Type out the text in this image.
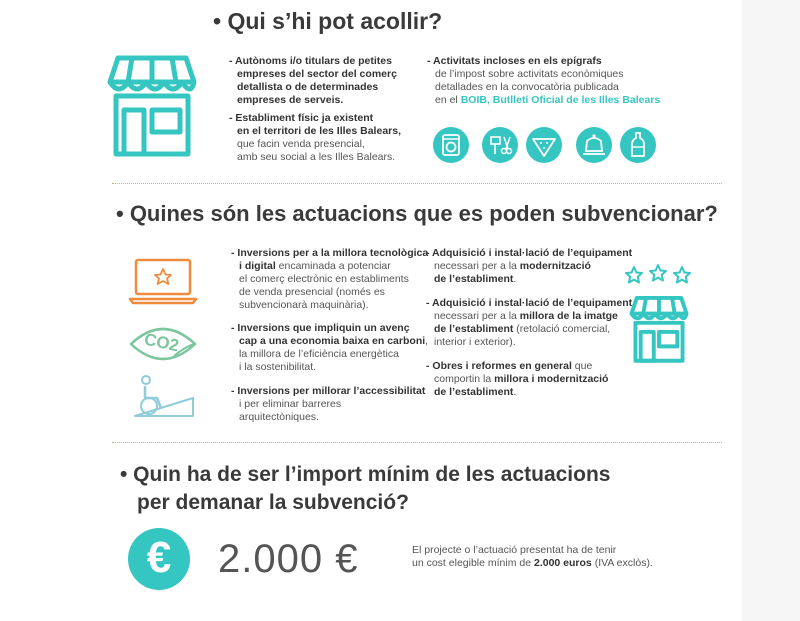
• Qui s’hi pot acollir?
- Autònoms i/o titulars de petites
empreses del sector del comerç
detallista o de determinades
empreses de serveis.
- Establiment físic ja existent
en el territori de les Illes Balears,
que facin venda presencial,
amb seu social a les Illes Balears.
- Activitats incloses en els epígrafs
de l’impost sobre activitats econòmiques
detallades en la convocatòria publicada
en el BOIB, Butlletí Oficial de les Illes Balears
• Quines són les actuacions que es poden subvencionar?
CO2
- Inversions per a la millora tecnològica
i digital encaminada a potenciar
el comerç electrònic en establiments
de venda presencial (només es
subvencionarà maquinària).
- Inversions que impliquin un avenç
cap a una economia baixa en carboni,
la millora de l’eficiència energètica
i la sostenibilitat.
- Inversions per millorar l’accessibilitat
i per eliminar barreres
arquitectòniques.
- Adquisició i instal·lació de l’equipament
necessari per a la modernització
de l’establiment.
- Adquisició i instal·lació de l’equipament
necessari per a la millora de la imatge
de l’establiment (retolació comercial,
interior i exterior).
- Obres i reformes en general que
comportin la millora i modernització
de l’establiment.
• Quin ha de ser l’import mínim de les actuacions
per demanar la subvenció?
€	2.000 €	El projecte o l’actuació presentat ha de tenir
un cost elegible mínim de 2.000 euros (IVA exclòs).
